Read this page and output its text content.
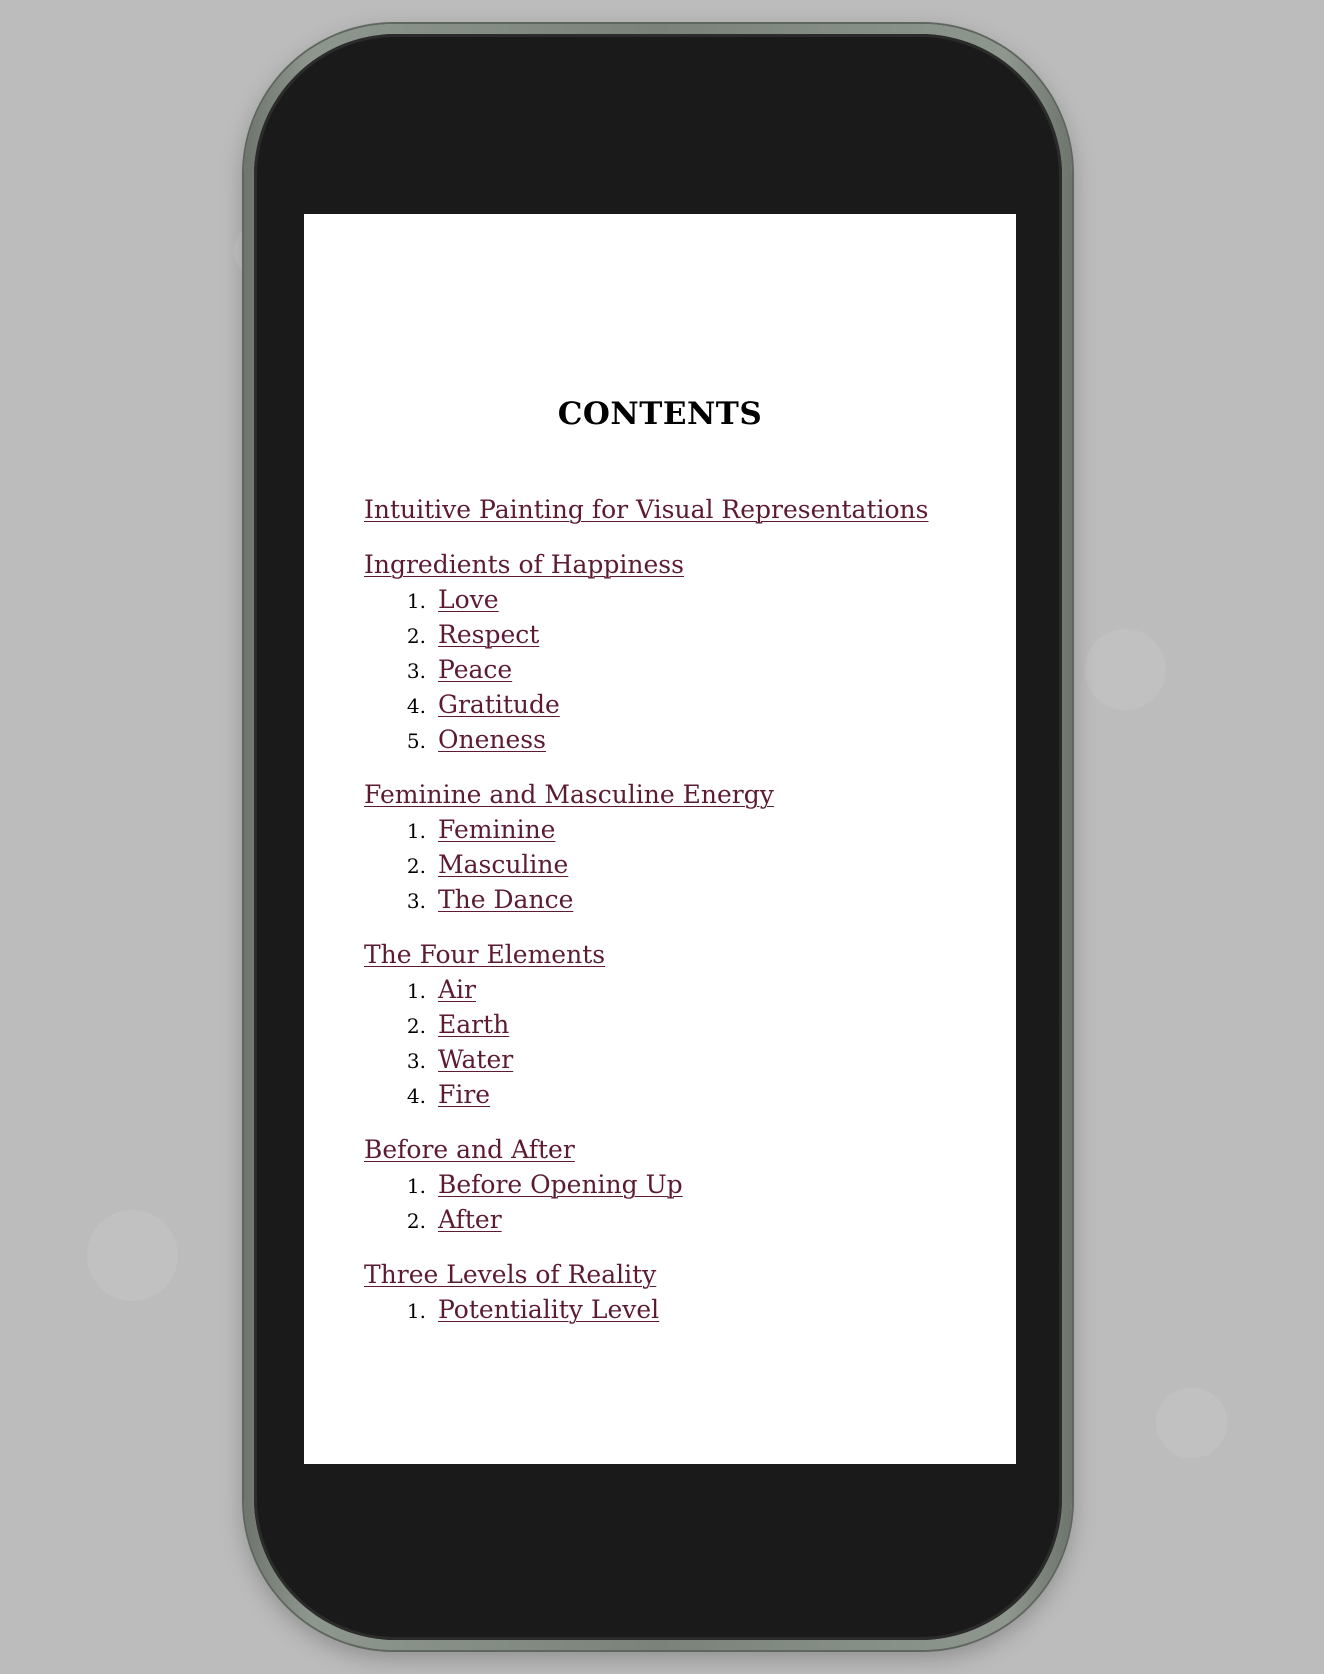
CONTENTS
Intuitive Painting for Visual Representations
Ingredients of Happiness
1. Love
2. Respect
3. Peace
4. Gratitude
5. Oneness
Feminine and Masculine Energy
1. Feminine
2. Masculine
3. The Dance
The Four Elements
1. Air
2. Earth
3. Water
4. Fire
Before and After
1. Before Opening Up
2. After
Three Levels of Reality
1. Potentiality Level
